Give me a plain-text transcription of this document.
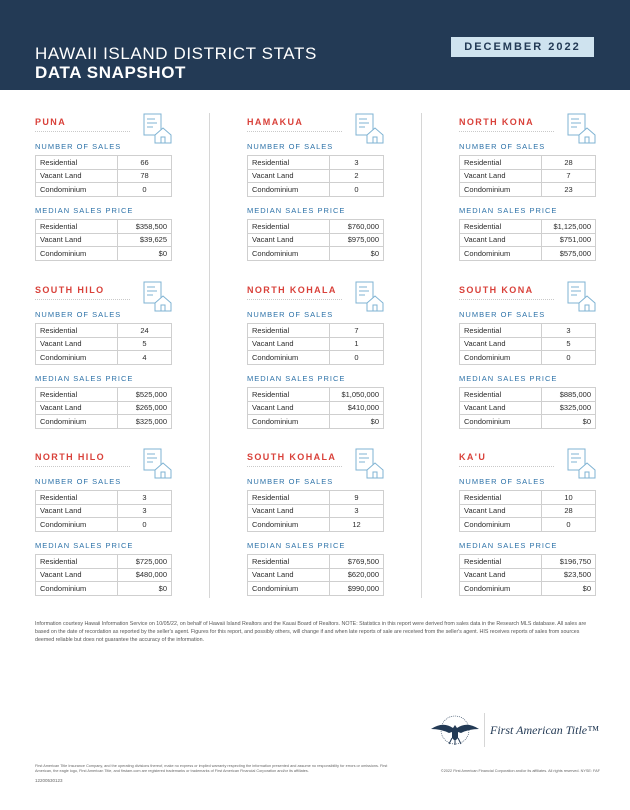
HAWAII ISLAND DISTRICT STATS
DATA SNAPSHOT
DECEMBER 2022
PUNA
NUMBER OF SALES
Residential	66
Vacant Land	78
Condominium	0
MEDIAN SALES PRICE
Residential	$358,500
Vacant Land	$39,625
Condominium	$0
HAMAKUA
NUMBER OF SALES
Residential	3
Vacant Land	2
Condominium	0
MEDIAN SALES PRICE
Residential	$760,000
Vacant Land	$975,000
Condominium	$0
NORTH KONA
NUMBER OF SALES
Residential	28
Vacant Land	7
Condominium	23
MEDIAN SALES PRICE
Residential	$1,125,000
Vacant Land	$751,000
Condominium	$575,000
SOUTH HILO
NUMBER OF SALES
Residential	24
Vacant Land	5
Condominium	4
MEDIAN SALES PRICE
Residential	$525,000
Vacant Land	$265,000
Condominium	$325,000
NORTH KOHALA
NUMBER OF SALES
Residential	7
Vacant Land	1
Condominium	0
MEDIAN SALES PRICE
Residential	$1,050,000
Vacant Land	$410,000
Condominium	$0
SOUTH KONA
NUMBER OF SALES
Residential	3
Vacant Land	5
Condominium	0
MEDIAN SALES PRICE
Residential	$885,000
Vacant Land	$325,000
Condominium	$0
NORTH HILO
NUMBER OF SALES
Residential	3
Vacant Land	3
Condominium	0
MEDIAN SALES PRICE
Residential	$725,000
Vacant Land	$480,000
Condominium	$0
SOUTH KOHALA
NUMBER OF SALES
Residential	9
Vacant Land	3
Condominium	12
MEDIAN SALES PRICE
Residential	$769,500
Vacant Land	$620,000
Condominium	$990,000
KA'U
NUMBER OF SALES
Residential	10
Vacant Land	28
Condominium	0
MEDIAN SALES PRICE
Residential	$196,750
Vacant Land	$23,500
Condominium	$0
Information courtesy Hawaii Information Service on 10/05/22, on behalf of Hawaii Island Realtors and the Kauai Board of Realtors. NOTE: Statistics in this report were derived from sales data in the Research MLS database. All sales are based on the date of recordation as reported by the seller's agent. Figures for this report, and possibly others, will change if and when late reports of sale are received from the seller's agent. HIS receives reports of sales from sources deemed reliable but does not guarantee the accuracy of the information.
First American Title™
First American Title Insurance Company, and the operating divisions thereof, make no express or implied warranty respecting the information presented and assume no responsibility for errors or omissions. First American, the eagle logo, First American Title, and firstam.com are registered trademarks or trademarks of First American Financial Corporation and/or its affiliates.	©2022 First American Financial Corporation and/or its affiliates. All rights reserved. NYSE: FAF
12200530123
